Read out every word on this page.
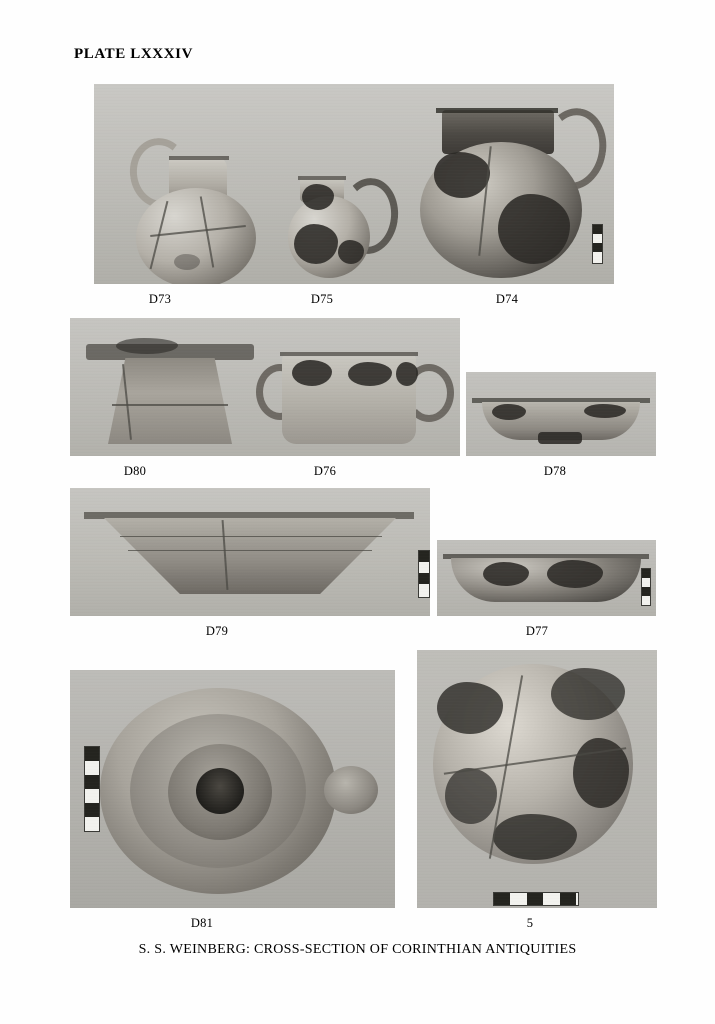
PLATE LXXXIV
D73	D75	D74
D80	D76	D78
D79	D77
D81	5
S. S. WEINBERG: CROSS-SECTION OF CORINTHIAN ANTIQUITIES
